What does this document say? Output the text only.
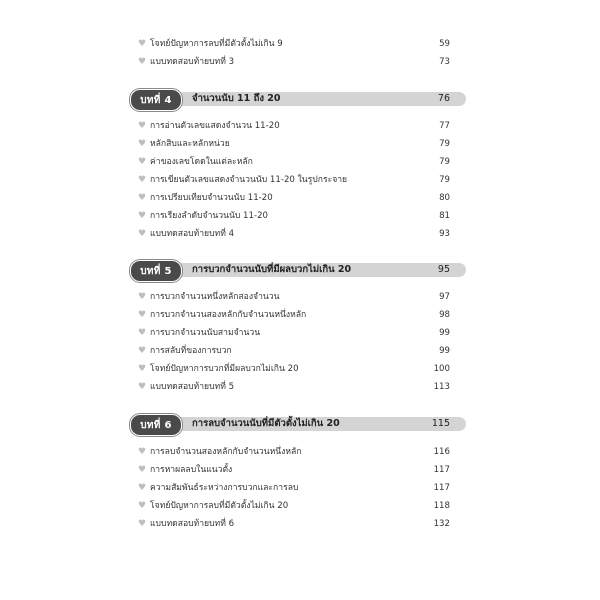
♥ โจทย์ปัญหาการลบที่มีตัวตั้งไม่เกิน 9	59
♥ แบบทดสอบท้ายบทที่ 3	73
บทที่ 4	จำนวนนับ 11 ถึง 20	76
♥ การอ่านตัวเลขแสดงจำนวน 11-20	77
♥ หลักสิบและหลักหน่วย	79
♥ ค่าของเลขโดดในแต่ละหลัก	79
♥ การเขียนตัวเลขแสดงจำนวนนับ 11-20 ในรูปกระจาย	79
♥ การเปรียบเทียบจำนวนนับ 11-20	80
♥ การเรียงลำดับจำนวนนับ 11-20	81
♥ แบบทดสอบท้ายบทที่ 4	93
บทที่ 5	การบวกจำนวนนับที่มีผลบวกไม่เกิน 20	95
♥ การบวกจำนวนหนึ่งหลักสองจำนวน	97
♥ การบวกจำนวนสองหลักกับจำนวนหนึ่งหลัก	98
♥ การบวกจำนวนนับสามจำนวน	99
♥ การสลับที่ของการบวก	99
♥ โจทย์ปัญหาการบวกที่มีผลบวกไม่เกิน 20	100
♥ แบบทดสอบท้ายบทที่ 5	113
บทที่ 6	การลบจำนวนนับที่มีตัวตั้งไม่เกิน 20	115
♥ การลบจำนวนสองหลักกับจำนวนหนึ่งหลัก	116
♥ การหาผลลบในแนวตั้ง	117
♥ ความสัมพันธ์ระหว่างการบวกและการลบ	117
♥ โจทย์ปัญหาการลบที่มีตัวตั้งไม่เกิน 20	118
♥ แบบทดสอบท้ายบทที่ 6	132
